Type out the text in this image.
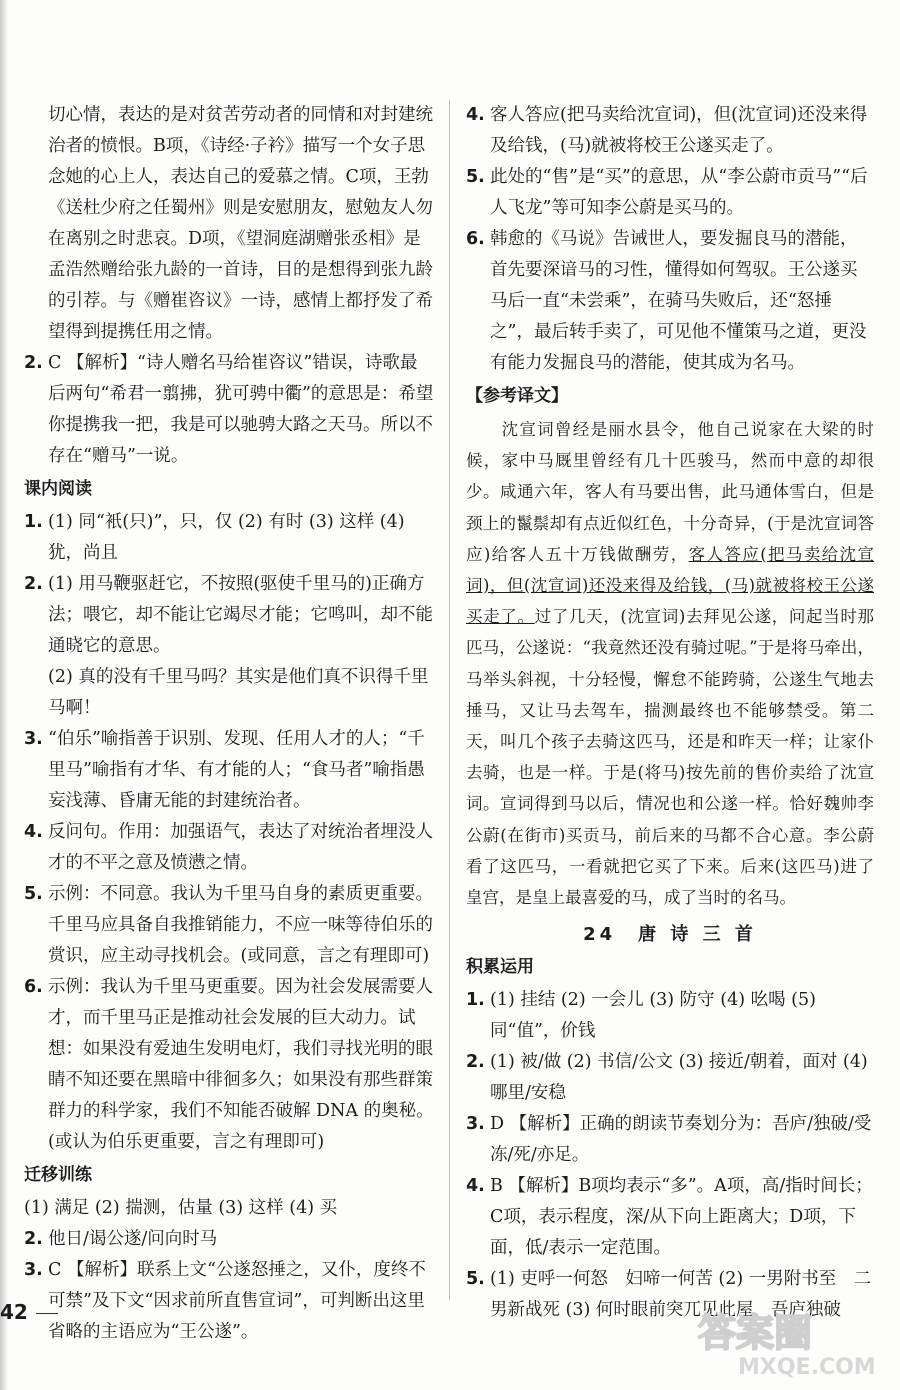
切心情，表达的是对贫苦劳动者的同情和对封建统治者的愤恨。B项，《诗经·子衿》描写一个女子思念她的心上人，表达自己的爱慕之情。C项，王勃《送杜少府之任蜀州》则是安慰朋友，慰勉友人勿在离别之时悲哀。D项，《望洞庭湖赠张丞相》是孟浩然赠给张九龄的一首诗，目的是想得到张九龄的引荐。与《赠崔咨议》一诗，感情上都抒发了希望得到提携任用之情。

2. C 【解析】“诗人赠名马给崔咨议”错误，诗歌最后两句“希君一翦拂，犹可骋中衢”的意思是：希望你提携我一把，我是可以驰骋大路之天马。所以不存在“赠马”一说。
课内阅读
1. (1) 同“衹(只)”，只，仅 (2) 有时 (3) 这样 (4) 犹，尚且
2. (1) 用马鞭驱赶它，不按照(驱使千里马的)正确方法；喂它，却不能让它竭尽才能；它鸣叫，却不能通晓它的意思。

(2) 真的没有千里马吗？其实是他们真不识得千里马啊！

3. “伯乐”喻指善于识别、发现、任用人才的人；“千里马”喻指有才华、有才能的人；“食马者”喻指愚妄浅薄、昏庸无能的封建统治者。
4. 反问句。作用：加强语气，表达了对统治者埋没人才的不平之意及愤懑之情。
5. 示例：不同意。我认为千里马自身的素质更重要。千里马应具备自我推销能力，不应一味等待伯乐的赏识，应主动寻找机会。(或同意，言之有理即可)
6. 示例：我认为千里马更重要。因为社会发展需要人才，而千里马正是推动社会发展的巨大动力。试想：如果没有爱迪生发明电灯，我们寻找光明的眼睛不知还要在黑暗中徘徊多久；如果没有那些群策群力的科学家，我们不知能否破解 DNA 的奥秘。(或认为伯乐更重要，言之有理即可)
迁移训练

(1) 满足 (2) 揣测，估量 (3) 这样 (4) 买

2. 他日/谒公遂/问向时马
3. C 【解析】联系上文“公遂怒捶之，又仆，度终不可禁”及下文“因求前所直售宣词”，可判断出这里省略的主语应为“王公遂”。
4. 客人答应(把马卖给沈宣词)，但(沈宣词)还没来得及给钱，(马)就被将校王公遂买走了。
5. 此处的“售”是“买”的意思，从“李公蔚市贡马”“后人飞龙”等可知李公蔚是买马的。
6. 韩愈的《马说》告诫世人，要发掘良马的潜能，首先要深谙马的习性，懂得如何驾驭。王公遂买马后一直“未尝乘”，在骑马失败后，还“怒捶之”，最后转手卖了，可见他不懂策马之道，更没有能力发掘良马的潜能，使其成为名马。
【参考译文】

　　沈宣词曾经是丽水县令，他自己说家在大梁的时候，家中马厩里曾经有几十匹骏马，然而中意的却很少。咸通六年，客人有马要出售，此马通体雪白，但是颈上的鬣鬃却有点近似红色，十分奇异，(于是沈宣词答应)给客人五十万钱做酬劳，客人答应(把马卖给沈宣词)，但(沈宣词)还没来得及给钱，(马)就被将校王公遂买走了。过了几天，(沈宣词)去拜见公遂，问起当时那匹马，公遂说：“我竟然还没有骑过呢。”于是将马牵出，马举头斜视，十分轻慢，懈怠不能跨骑，公遂生气地去捶马，又让马去驾车，揣测最终也不能够禁受。第二天，叫几个孩子去骑这匹马，还是和昨天一样；让家仆去骑，也是一样。于是(将马)按先前的售价卖给了沈宣词。宣词得到马以后，情况也和公遂一样。恰好魏帅李公蔚(在街市)买贡马，前后来的马都不合心意。李公蔚看了这匹马，一看就把它买了下来。后来(这匹马)进了皇宫，是皇上最喜爱的马，成了当时的名马。

24　唐 诗 三 首
积累运用
1. (1) 挂结 (2) 一会儿 (3) 防守 (4) 吆喝 (5) 同“值”，价钱
2. (1) 被/做 (2) 书信/公文 (3) 接近/朝着，面对 (4) 哪里/安稳
3. D 【解析】正确的朗读节奏划分为：吾庐/独破/受冻/死/亦足。
4. B 【解析】B项均表示“多”。A项，高/指时间长；C项，表示程度，深/从下向上距离大；D项，下面，低/表示一定范围。
5. (1) 吏呼一何怒　妇啼一何苦 (2) 一男附书至　二男新战死 (3) 何时眼前突兀见此屋　吾庐独破
42	答案圈
MXQE.COM
